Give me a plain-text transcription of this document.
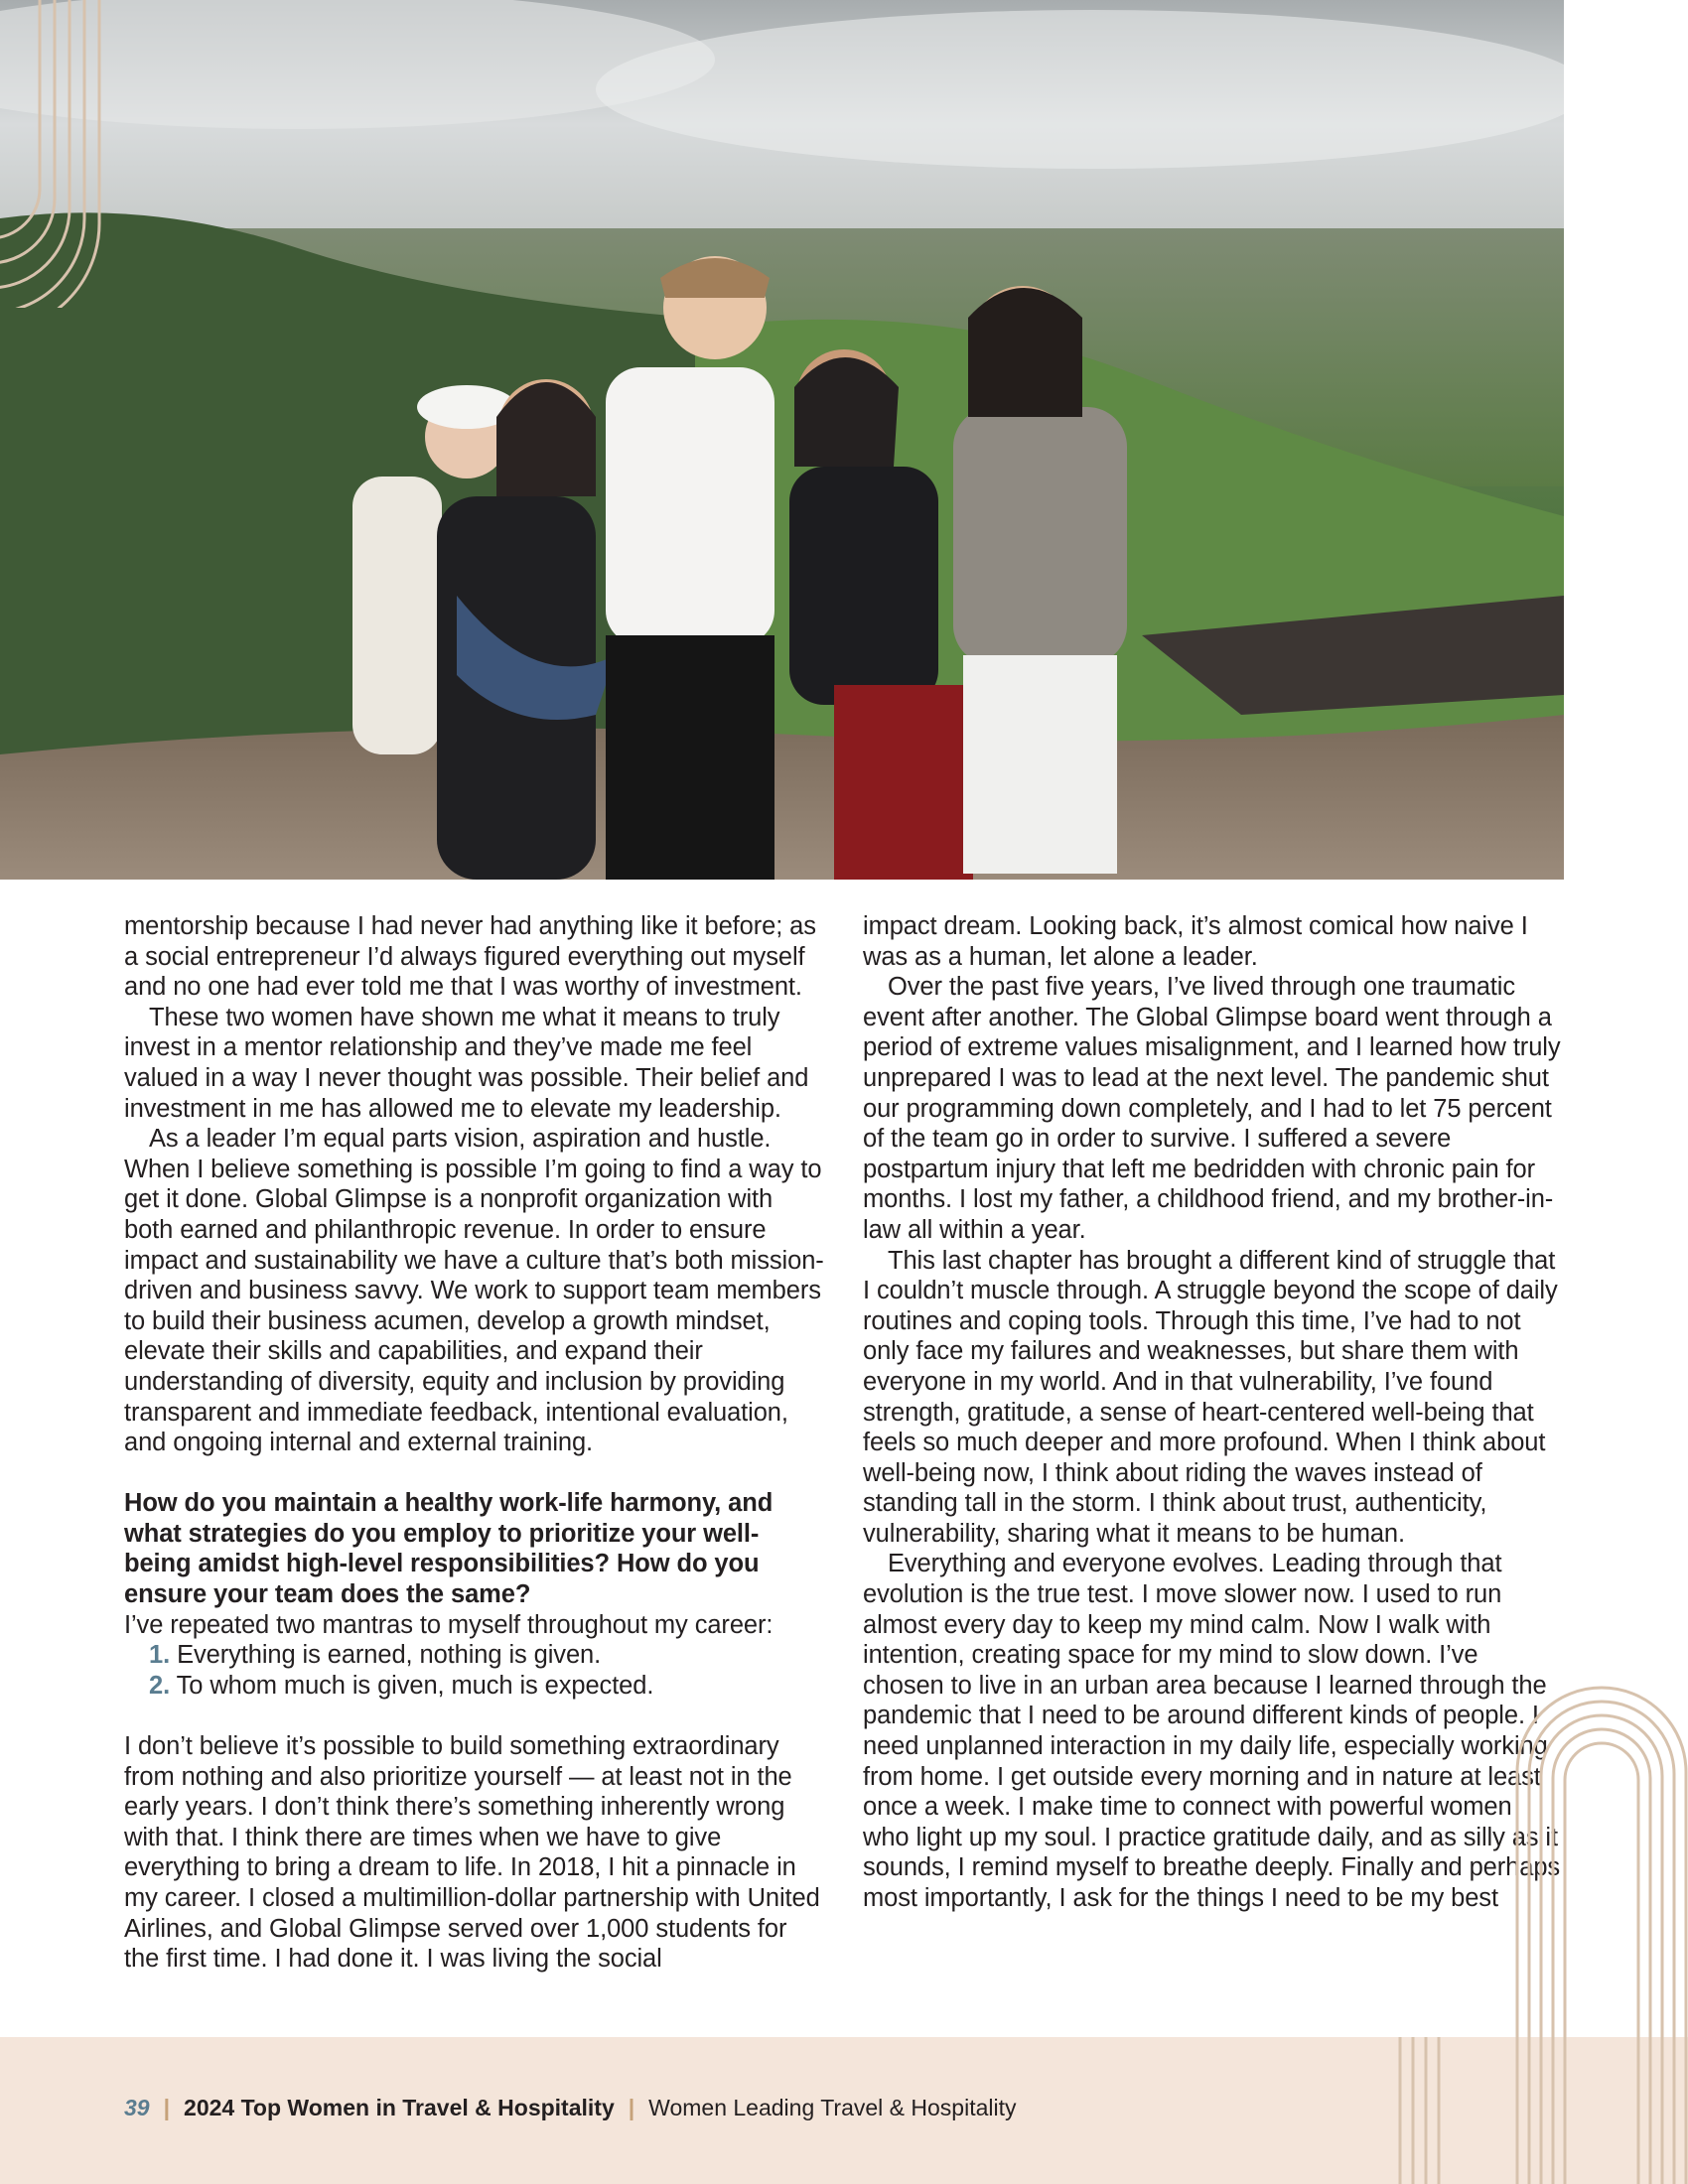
mentorship because I had never had anything like it before; as a social entrepreneur I’d always figured everything out myself and no one had ever told me that I was worthy of investment.

These two women have shown me what it means to truly invest in a mentor relationship and they’ve made me feel valued in a way I never thought was possible. Their belief and investment in me has allowed me to elevate my leadership.

As a leader I’m equal parts vision, aspiration and hustle. When I believe something is possible I’m going to find a way to get it done. Global Glimpse is a nonprofit organization with both earned and philanthropic revenue. In order to ensure impact and sustainability we have a culture that’s both mission-driven and business savvy. We work to support team members to build their business acumen, develop a growth mindset, elevate their skills and capabilities, and expand their understanding of diversity, equity and inclusion by providing transparent and immediate feedback, intentional evaluation, and ongoing internal and external training.

How do you maintain a healthy work-life harmony, and what strategies do you employ to prioritize your well-being amidst high-level responsibilities? How do you ensure your team does the same?

I’ve repeated two mantras to myself throughout my career:

1. Everything is earned, nothing is given.

2. To whom much is given, much is expected.

I don’t believe it’s possible to build something extraordinary from nothing and also prioritize yourself — at least not in the early years. I don’t think there’s something inherently wrong with that. I think there are times when we have to give everything to bring a dream to life. In 2018, I hit a pinnacle in my career. I closed a multimillion-dollar partnership with United Airlines, and Global Glimpse served over 1,000 students for the first time. I had done it. I was living the social

impact dream. Looking back, it’s almost comical how naive I was as a human, let alone a leader.

Over the past five years, I’ve lived through one traumatic event after another. The Global Glimpse board went through a period of extreme values misalignment, and I learned how truly unprepared I was to lead at the next level. The pandemic shut our programming down completely, and I had to let 75 percent of the team go in order to survive. I suffered a severe postpartum injury that left me bedridden with chronic pain for months. I lost my father, a childhood friend, and my brother-in-law all within a year.

This last chapter has brought a different kind of struggle that I couldn’t muscle through. A struggle beyond the scope of daily routines and coping tools. Through this time, I’ve had to not only face my failures and weaknesses, but share them with everyone in my world. And in that vulnerability, I’ve found strength, gratitude, a sense of heart-centered well-being that feels so much deeper and more profound. When I think about well-being now, I think about riding the waves instead of standing tall in the storm. I think about trust, authenticity, vulnerability, sharing what it means to be human.

Everything and everyone evolves. Leading through that evolution is the true test. I move slower now. I used to run almost every day to keep my mind calm. Now I walk with intention, creating space for my mind to slow down. I’ve chosen to live in an urban area because I learned through the pandemic that I need to be around different kinds of people. I need unplanned interaction in my daily life, especially working from home. I get outside every morning and in nature at least once a week. I make time to connect with powerful women who light up my soul. I practice gratitude daily, and as silly as it sounds, I remind myself to breathe deeply. Finally and perhaps most importantly, I ask for the things I need to be my best

39 | 2024 Top Women in Travel & Hospitality | Women Leading Travel & Hospitality
